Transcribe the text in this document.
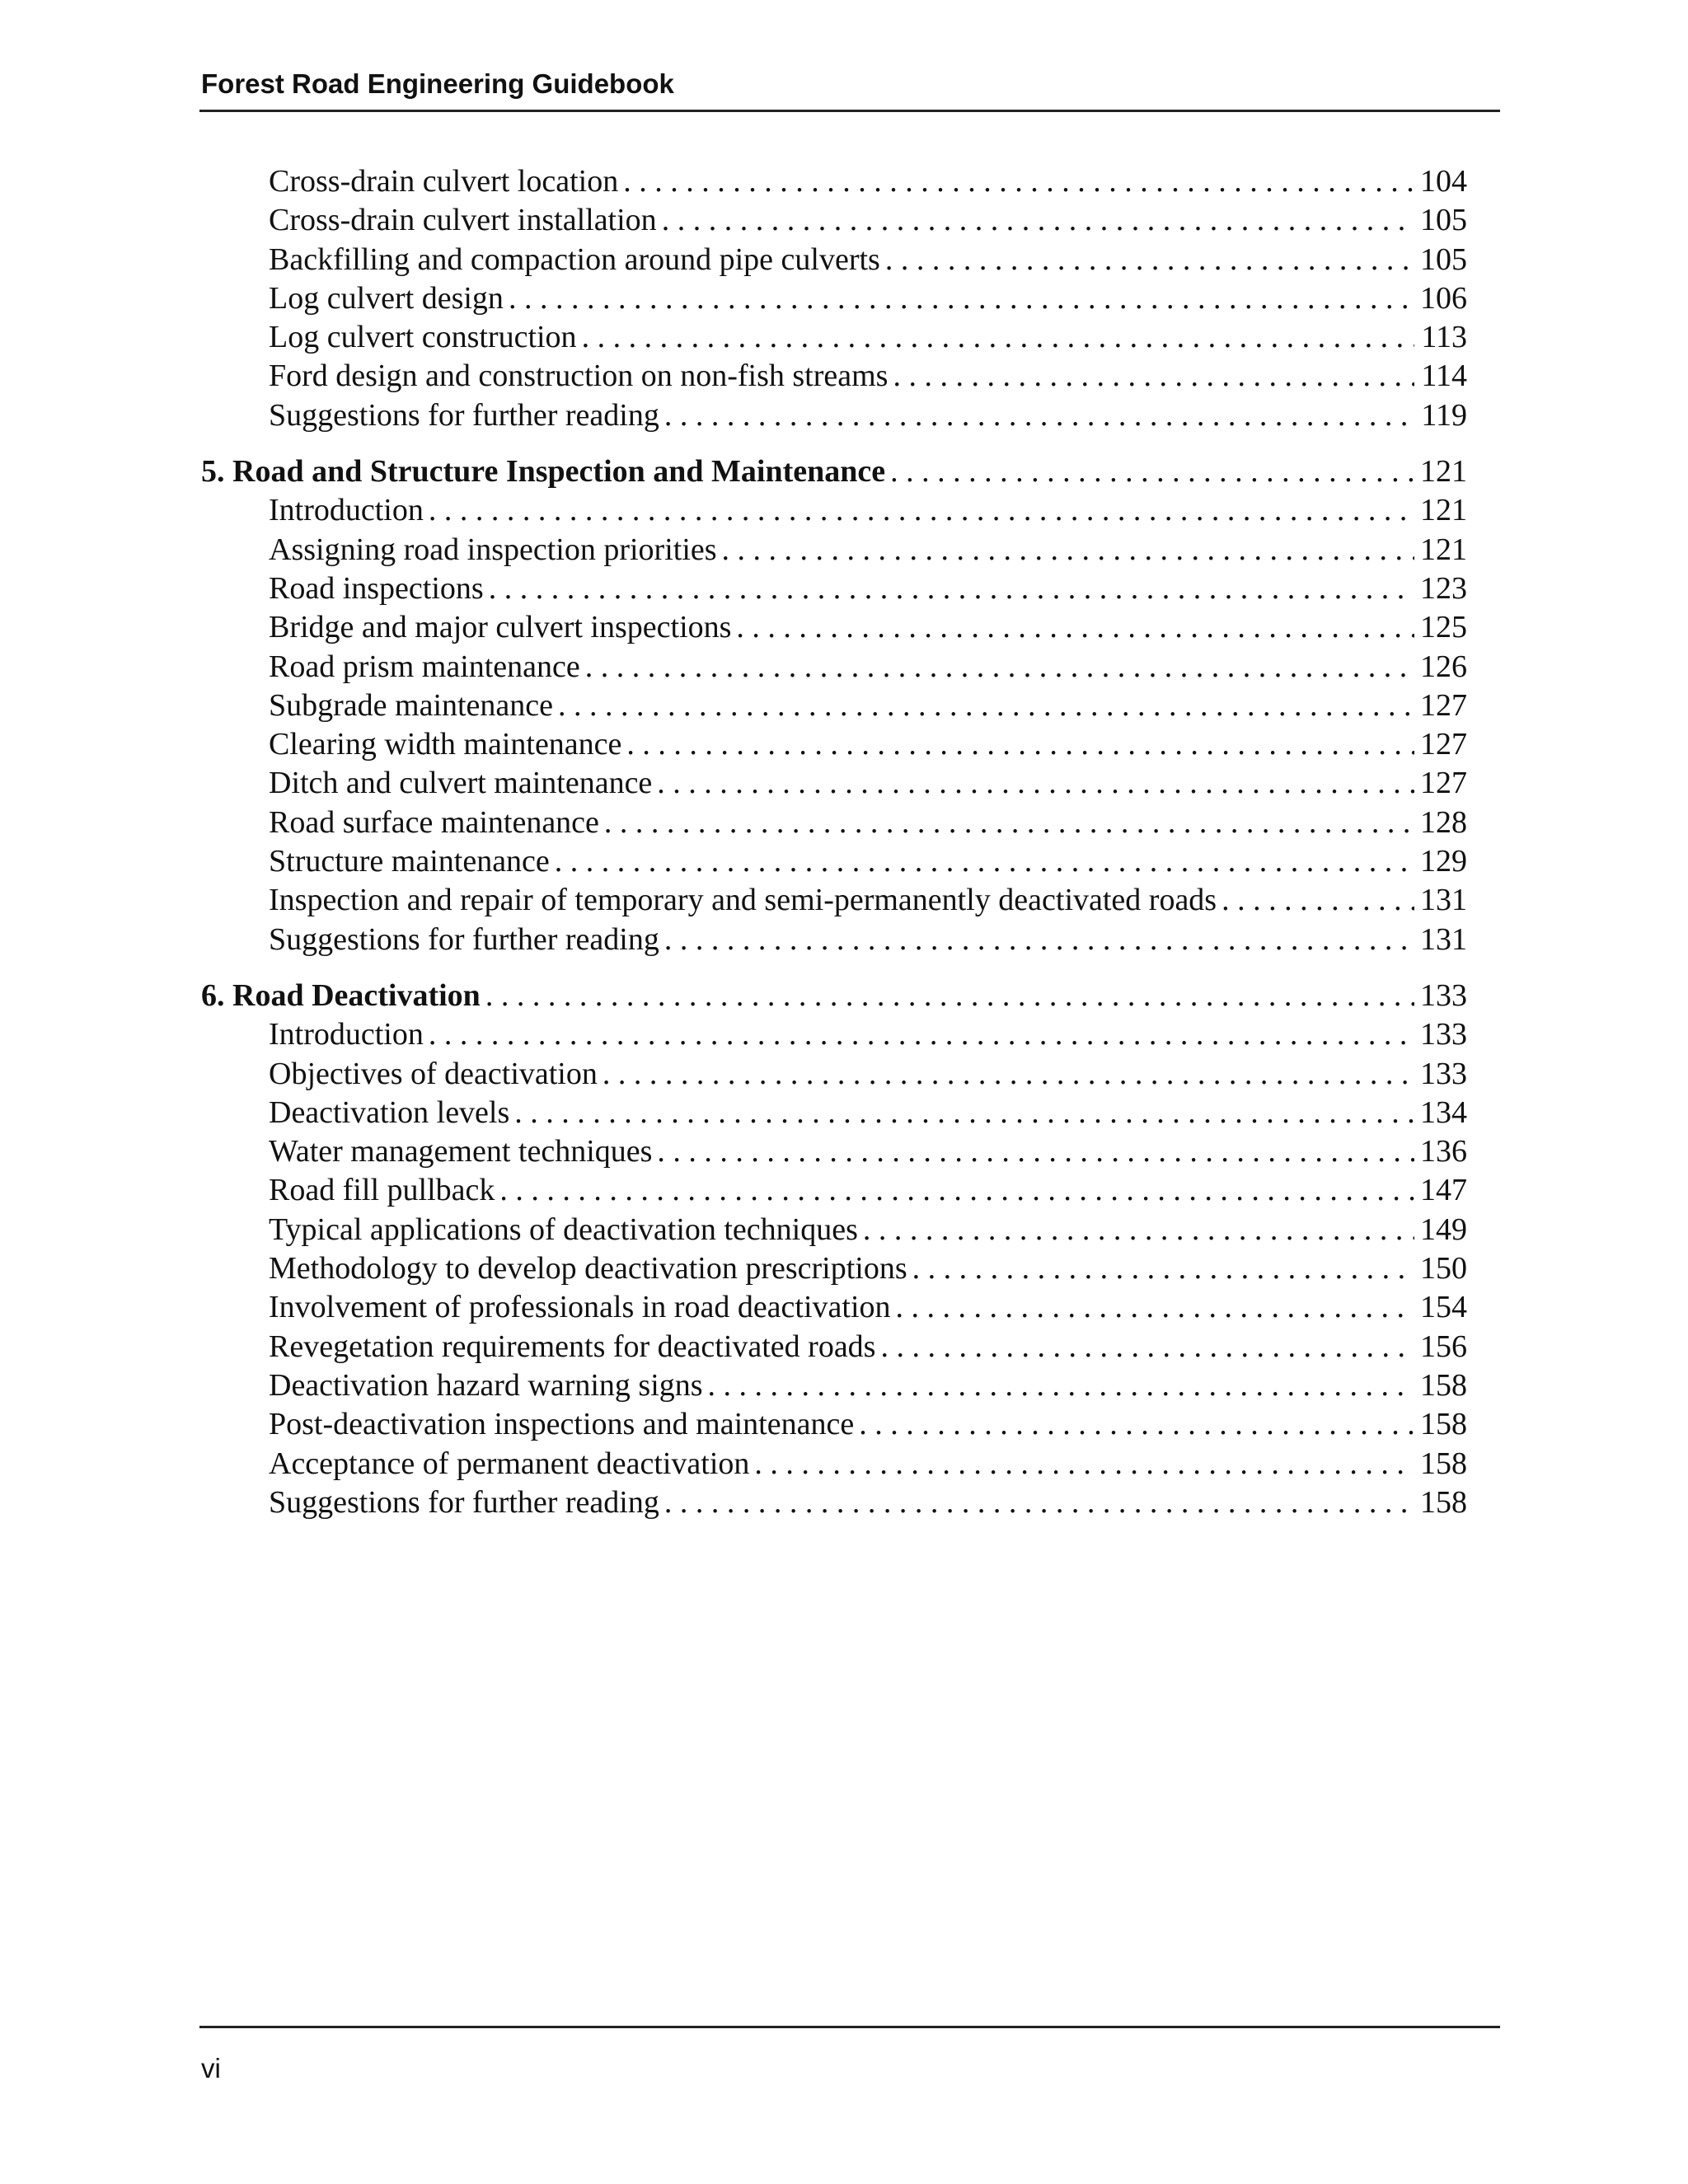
Forest Road Engineering Guidebook
Cross-drain culvert location . . .	104
Cross-drain culvert installation . . .	105
Backfilling and compaction around pipe culverts . . .	105
Log culvert design . . .	106
Log culvert construction . . .	113
Ford design and construction on non-fish streams . . .	114
Suggestions for further reading . . .	119
5. Road and Structure Inspection and Maintenance . . .	121
Introduction . . .	121
Assigning road inspection priorities . . .	121
Road inspections . . .	123
Bridge and major culvert inspections . . .	125
Road prism maintenance . . .	126
Subgrade maintenance . . .	127
Clearing width maintenance . . .	127
Ditch and culvert maintenance . . .	127
Road surface maintenance . . .	128
Structure maintenance . . .	129
Inspection and repair of temporary and semi-permanently deactivated roads . . .	131
Suggestions for further reading . . .	131
6. Road Deactivation . . .	133
Introduction . . .	133
Objectives of deactivation . . .	133
Deactivation levels . . .	134
Water management techniques . . .	136
Road fill pullback . . .	147
Typical applications of deactivation techniques . . .	149
Methodology to develop deactivation prescriptions . . .	150
Involvement of professionals in road deactivation . . .	154
Revegetation requirements for deactivated roads . . .	156
Deactivation hazard warning signs . . .	158
Post-deactivation inspections and maintenance . . .	158
Acceptance of permanent deactivation . . .	158
Suggestions for further reading . . .	158
vi
